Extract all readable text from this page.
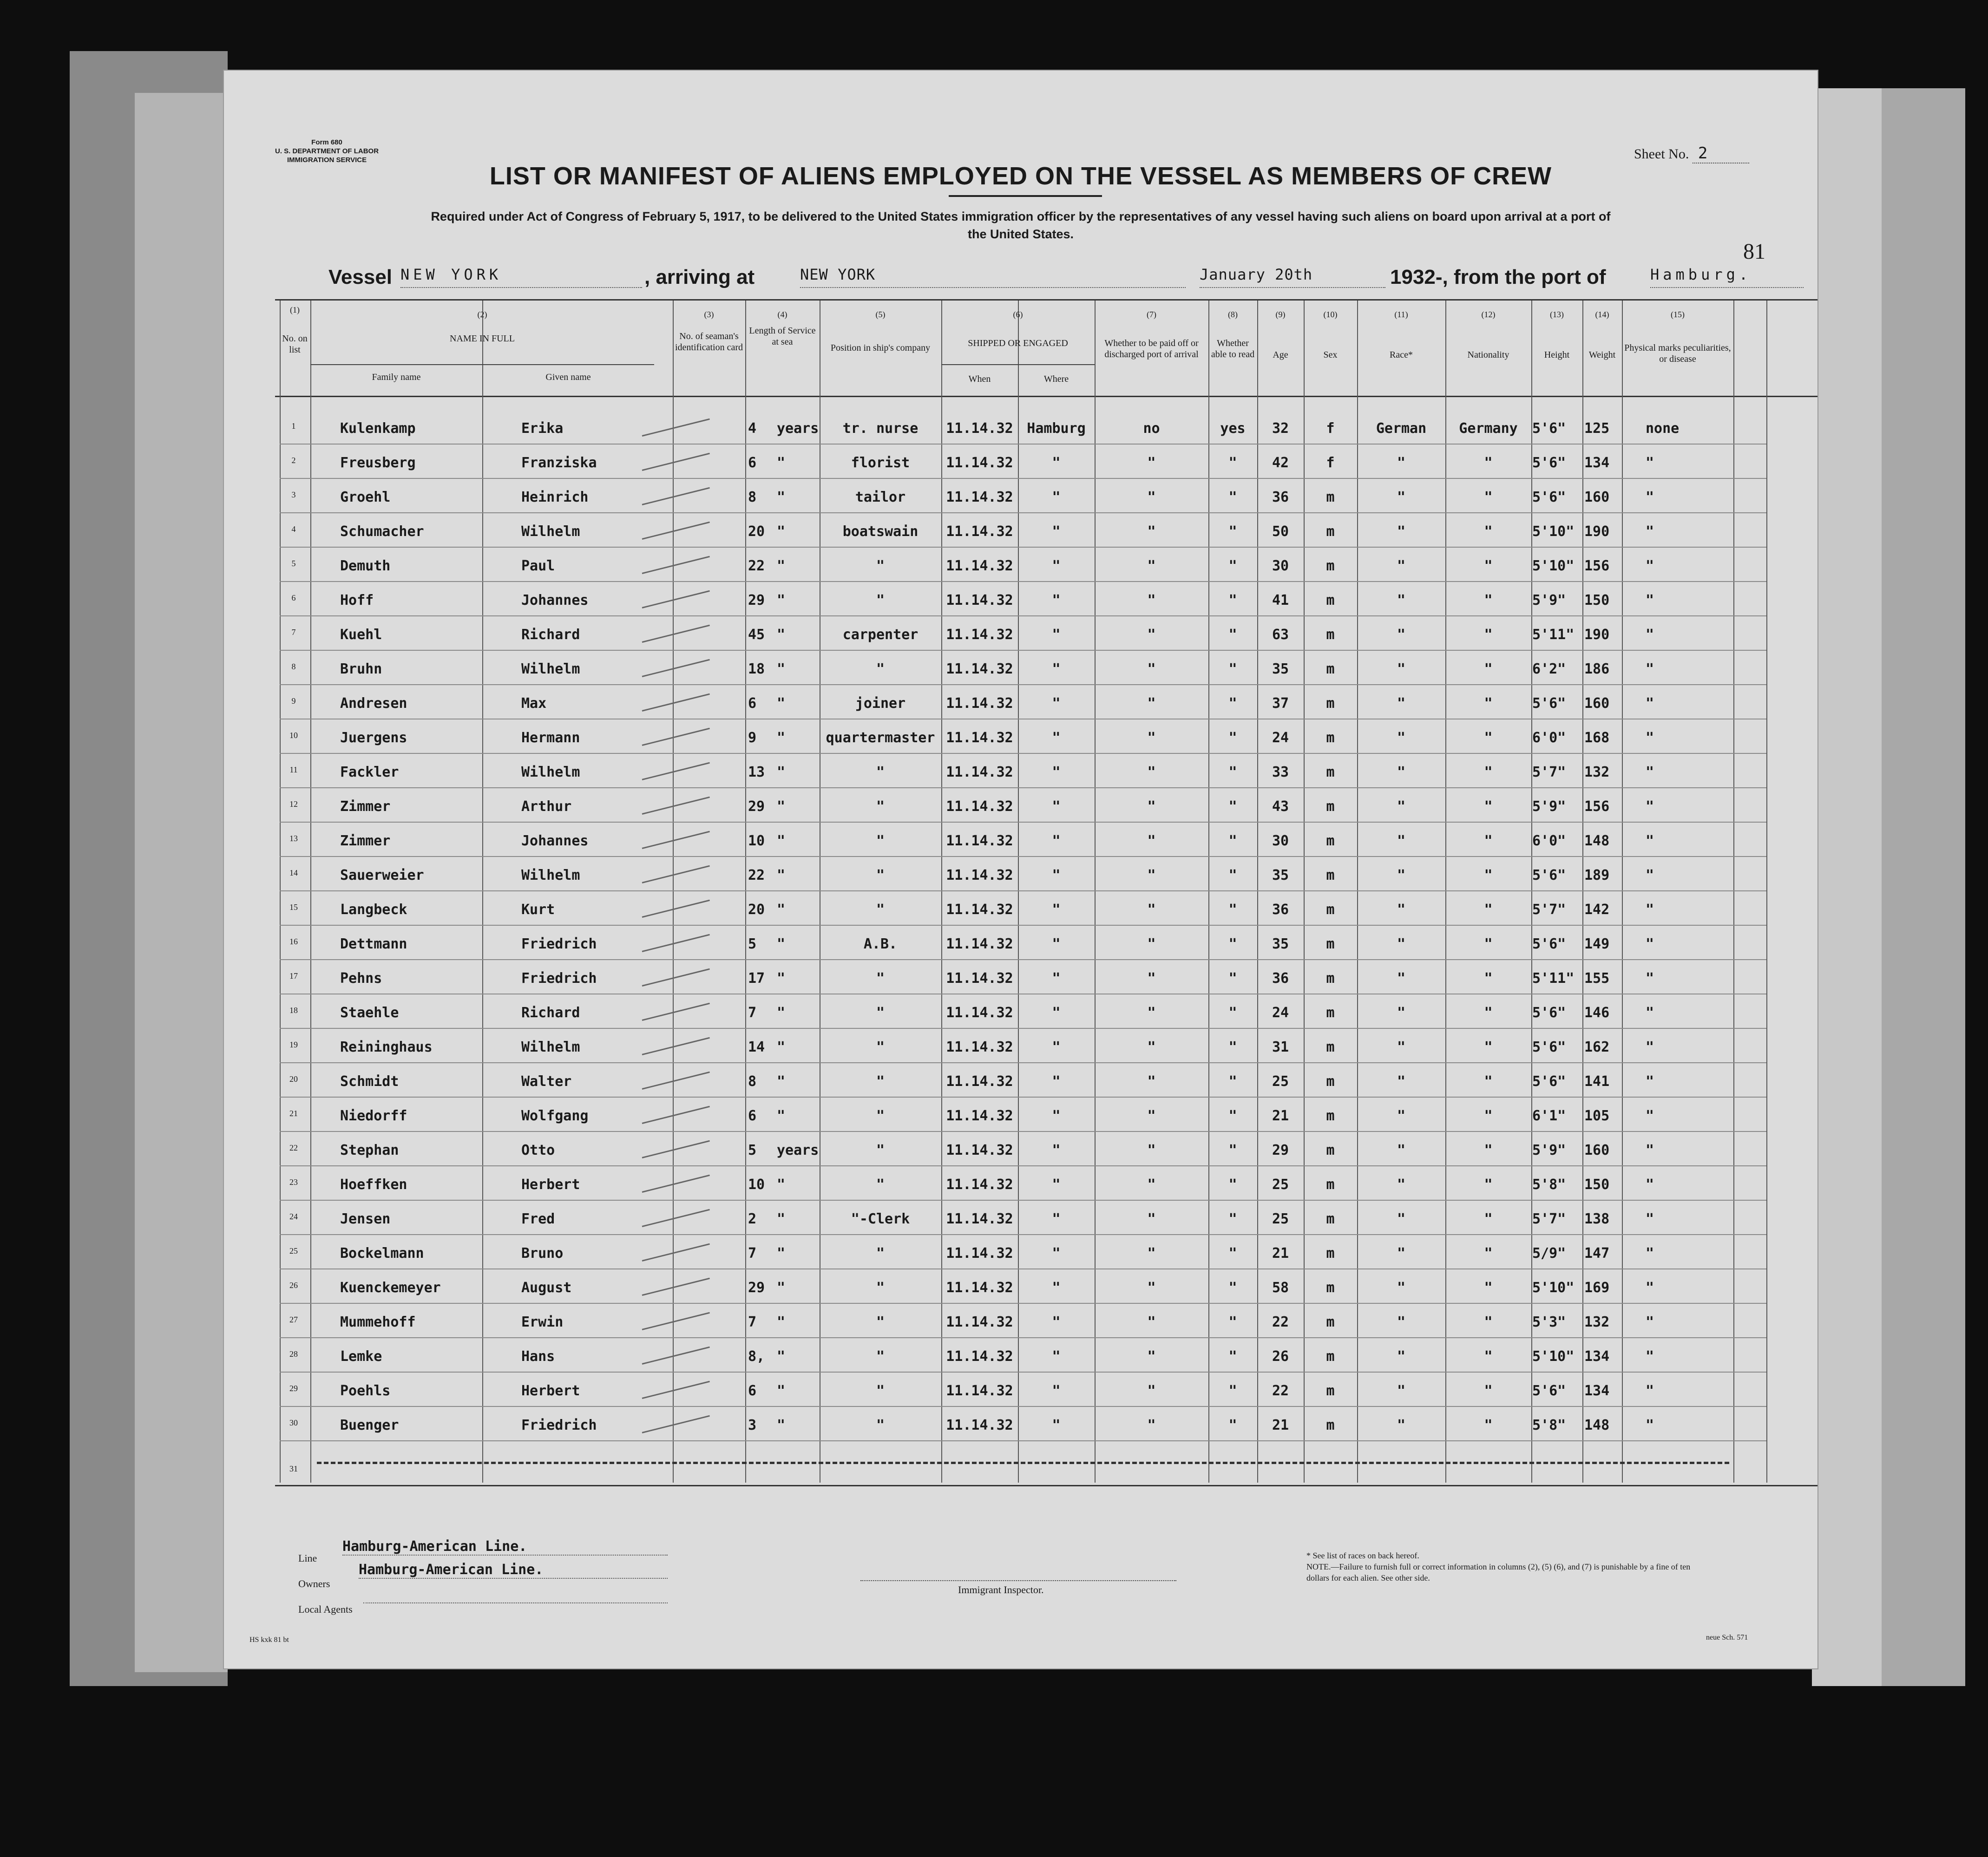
Form 680
U. S. DEPARTMENT OF LABOR
IMMIGRATION SERVICE	Sheet No. 2
LIST OR MANIFEST OF ALIENS EMPLOYED ON THE VESSEL AS MEMBERS OF CREW
Required under Act of Congress of February 5, 1917, to be delivered to the United States immigration officer by the representatives of any vessel having such aliens on board upon arrival at a port of the United States.
81
Vessel NEW YORK	, arriving at	NEW YORK	January 20th	1932-, from the port of	Hamburg.
(1)	(2)	(3)	(4)	(5)	(6)	(7)	(8)	(9)	(10)	(11)	(12)	(13)	(14)	(15)
No. on list
NAME IN FULL
Family name	Given name
No. of seaman's identification card
Length of Service at sea
Position in ship's company	SHIPPED OR ENGAGED
When	Where
Whether to be paid off or discharged port of arrival
Whether able to read	Age	Sex	Race*	Nationality	Height	Weight
Physical marks peculiarities, or disease
1	Kulenkamp	Erika	4 years	tr. nurse	11.14.32 Hamburg	no	yes	32	f	German	Germany	5'6" 125	none
2	Freusberg	Franziska	6 "	florist	11.14.32	"	"	"	42	f	"	"	5'6" 134	"
3	Groehl	Heinrich	8 "	tailor	11.14.32	"	"	"	36	m	"	"	5'6" 160	"
4	Schumacher	Wilhelm	20 "	boatswain	11.14.32	"	"	"	50	m	"	"	5'10" 190	"
5	Demuth	Paul	22 "	"	11.14.32	"	"	"	30	m	"	"	5'10" 156	"
6	Hoff	Johannes	29 "	"	11.14.32	"	"	"	41	m	"	"	5'9" 150	"
7	Kuehl	Richard	45 "	carpenter	11.14.32	"	"	"	63	m	"	"	5'11" 190	"
8	Bruhn	Wilhelm	18 "	"	11.14.32	"	"	"	35	m	"	"	6'2" 186	"
9	Andresen	Max	6 "	joiner	11.14.32	"	"	"	37	m	"	"	5'6" 160	"
10	Juergens	Hermann	9 "	quartermaster 11.14.32	"	"	"	24	m	"	"	6'0" 168	"
11	Fackler	Wilhelm	13 "	"	11.14.32	"	"	"	33	m	"	"	5'7" 132	"
12	Zimmer	Arthur	29 "	"	11.14.32	"	"	"	43	m	"	"	5'9" 156	"
13	Zimmer	Johannes	10 "	"	11.14.32	"	"	"	30	m	"	"	6'0" 148	"
14	Sauerweier	Wilhelm	22 "	"	11.14.32	"	"	"	35	m	"	"	5'6" 189	"
15	Langbeck	Kurt	20 "	"	11.14.32	"	"	"	36	m	"	"	5'7" 142	"
16	Dettmann	Friedrich	5 "	A.B.	11.14.32	"	"	"	35	m	"	"	5'6" 149	"
17	Pehns	Friedrich	17 "	"	11.14.32	"	"	"	36	m	"	"	5'11" 155	"
18	Staehle	Richard	7 "	"	11.14.32	"	"	"	24	m	"	"	5'6" 146	"
19	Reininghaus	Wilhelm	14 "	"	11.14.32	"	"	"	31	m	"	"	5'6" 162	"
20	Schmidt	Walter	8 "	"	11.14.32	"	"	"	25	m	"	"	5'6" 141	"
21	Niedorff	Wolfgang	6 "	"	11.14.32	"	"	"	21	m	"	"	6'1" 105	"
22	Stephan	Otto	5 years	"	11.14.32	"	"	"	29	m	"	"	5'9" 160	"
23	Hoeffken	Herbert	10 "	"	11.14.32	"	"	"	25	m	"	"	5'8" 150	"
24	Jensen	Fred	2 "	"-Clerk	11.14.32	"	"	"	25	m	"	"	5'7" 138	"
25	Bockelmann	Bruno	7 "	"	11.14.32	"	"	"	21	m	"	"	5/9" 147	"
26	Kuenckemeyer	August	29 "	"	11.14.32	"	"	"	58	m	"	"	5'10" 169	"
27	Mummehoff	Erwin	7 "	"	11.14.32	"	"	"	22	m	"	"	5'3" 132	"
28	Lemke	Hans	8, "	"	11.14.32	"	"	"	26	m	"	"	5'10" 134	"
29	Poehls	Herbert	6 "	"	11.14.32	"	"	"	22	m	"	"	5'6" 134	"
30	Buenger	Friedrich	3 "	"	11.14.32	"	"	"	21	m	"	"	5'8" 148	"
31
Line
Hamburg-American Line.
Owners
Hamburg-American Line.
Local Agents
Immigrant Inspector.
* See list of races on back hereof.
NOTE.—Failure to furnish full or correct information in columns (2), (5) (6), and (7) is punishable by a fine of ten dollars for each alien. See other side.
HS kxk 81 bt	neue Sch. 571
